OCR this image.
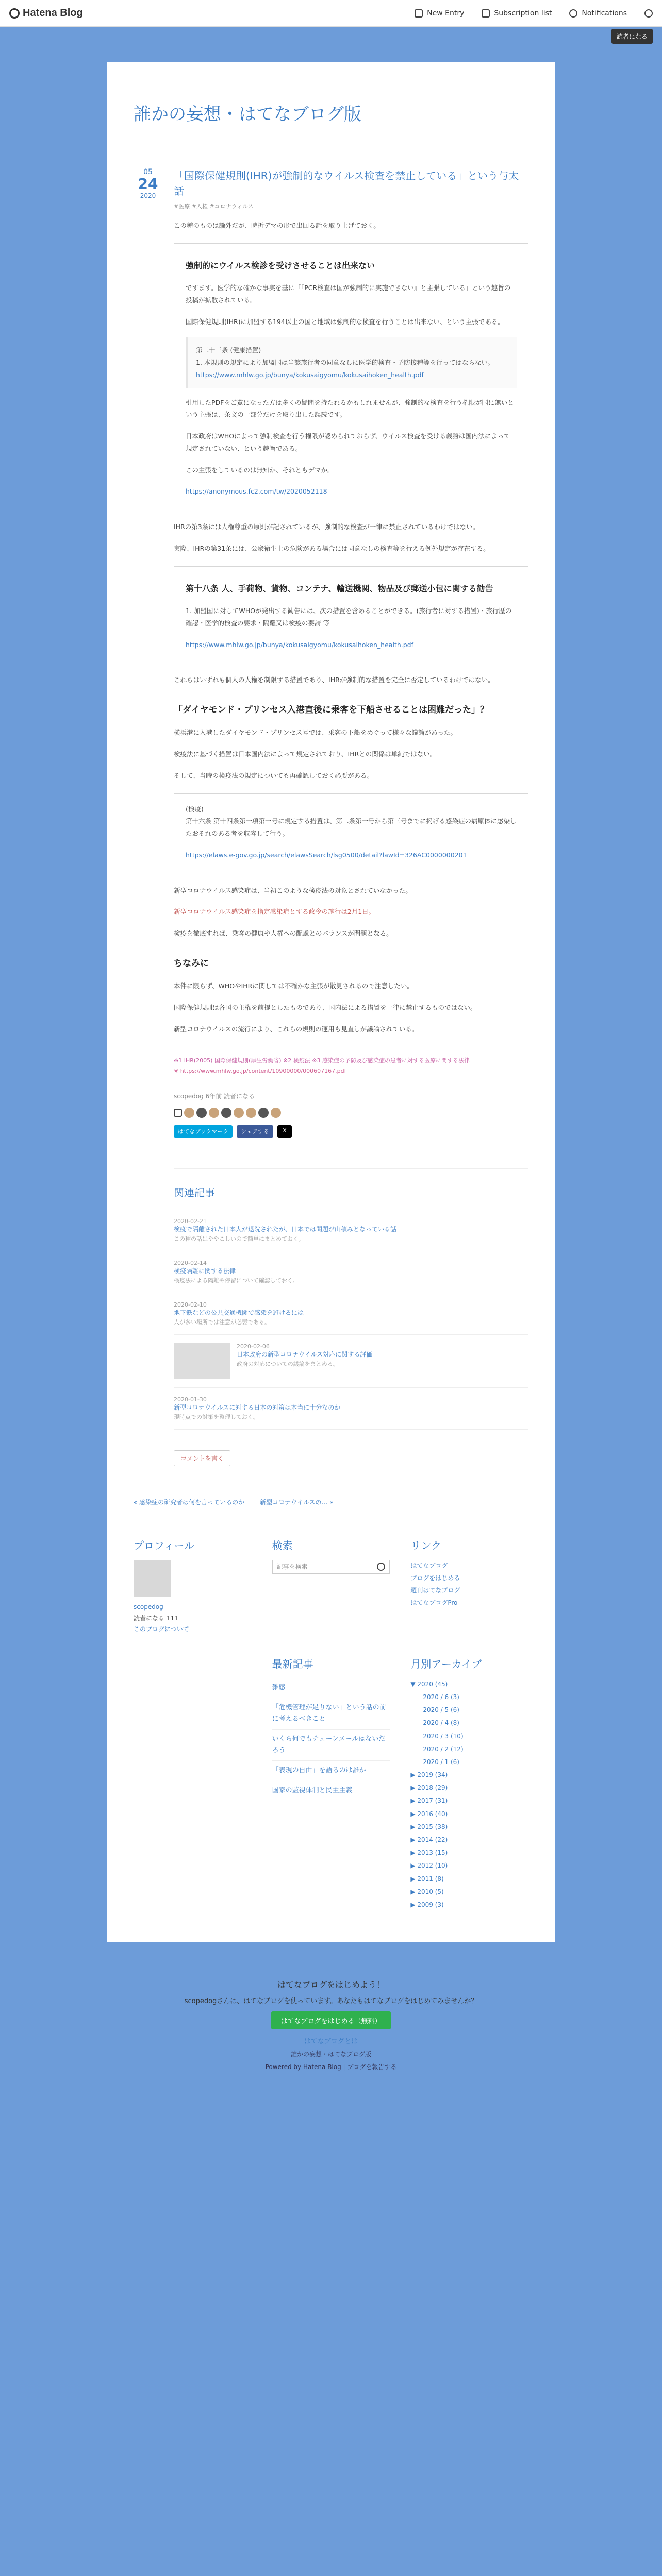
Hatena Blog	New Entry	Subscription list	Notifications
読者になる
誰かの妄想・はてなブログ版
05
24
2020
「国際保健規則(IHR)が強制的なウイルス検査を禁止している」という与太話
#医療 #人権 #コロナウィルス

この種のものは論外だが、時折デマの形で出回る話を取り上げておく。

強制的にウイルス検診を受けさせることは出来ない

ですます。医学的な確かな事実を基に「『PCR検査は国が強制的に実施できない』と主張している」という趣旨の投稿が拡散されている。

国際保健規則(IHR)に加盟する194以上の国と地域は強制的な検査を行うことは出来ない、という主張である。

第二十三条 (健康措置)
1. 本規則の規定により加盟国は当該旅行者の同意なしに医学的検査・予防接種等を行ってはならない。
https://www.mhlw.go.jp/bunya/kokusaigyomu/kokusaihoken_health.pdf

引用したPDFをご覧になった方は多くの疑問を持たれるかもしれませんが、強制的な検査を行う権限が国に無いという主張は、条文の一部分だけを取り出した誤読です。

日本政府はWHOによって強制検査を行う権限が認められておらず、ウイルス検査を受ける義務は国内法によって規定されていない、という趣旨である。

この主張をしているのは無知か、それともデマか。

https://anonymous.fc2.com/tw/2020052118

IHRの第3条には人権尊重の原則が記されているが、強制的な検査が一律に禁止されているわけではない。

実際、IHRの第31条には、公衆衛生上の危険がある場合には同意なしの検査等を行える例外規定が存在する。

第十八条 人、手荷物、貨物、コンテナ、輸送機関、物品及び郵送小包に関する勧告

1. 加盟国に対してWHOが発出する勧告には、次の措置を含めることができる。(旅行者に対する措置)・旅行歴の確認・医学的検査の要求・隔離又は検疫の要請 等

https://www.mhlw.go.jp/bunya/kokusaigyomu/kokusaihoken_health.pdf

これらはいずれも個人の人権を制限する措置であり、IHRが強制的な措置を完全に否定しているわけではない。

「ダイヤモンド・プリンセス入港直後に乗客を下船させることは困難だった」？

横浜港に入港したダイヤモンド・プリンセス号では、乗客の下船をめぐって様々な議論があった。

検疫法に基づく措置は日本国内法によって規定されており、IHRとの関係は単純ではない。

そして、当時の検疫法の規定についても再確認しておく必要がある。

(検疫)

第十六条 第十四条第一項第一号に規定する措置は、第二条第一号から第三号までに掲げる感染症の病原体に感染したおそれのある者を収容して行う。

https://elaws.e-gov.go.jp/search/elawsSearch/lsg0500/detail?lawId=326AC0000000201

新型コロナウイルス感染症は、当初このような検疫法の対象とされていなかった。

新型コロナウイルス感染症を指定感染症とする政令の施行は2月1日。

検疫を徹底すれば、乗客の健康や人権への配慮とのバランスが問題となる。

ちなみに

本件に限らず、WHOやIHRに関しては不確かな主張が散見されるので注意したい。

国際保健規則は各国の主権を前提としたものであり、国内法による措置を一律に禁止するものではない。

新型コロナウイルスの流行により、これらの規則の運用も見直しが議論されている。

※1 IHR(2005) 国際保健規則(厚生労働省) ※2 検疫法 ※3 感染症の予防及び感染症の患者に対する医療に関する法律
※ https://www.mhlw.go.jp/content/10900000/000607167.pdf
scopedog 6年前 読者になる
はてなブックマーク	シェアする	X
関連記事
2020-02-21
検疫で隔離された日本人が退院されたが、日本では問題が山積みとなっている話
この種の話はややこしいので簡単にまとめておく。
2020-02-14
検疫隔離に関する法律
検疫法による隔離や停留について確認しておく。
2020-02-10
地下鉄などの公共交通機関で感染を避けるには
人が多い場所では注意が必要である。
2020-02-06
日本政府の新型コロナウイルス対応に関する評価
政府の対応についての議論をまとめる。
2020-01-30
新型コロナウイルスに対する日本の対策は本当に十分なのか
現時点での対策を整理しておく。
コメントを書く
« 感染症の研究者は何を言っているのか	新型コロナウイルスの… »
プロフィール
scopedog
読者になる 111
このブログについて
検索
記事を検索
リンク
はてなブログ
ブログをはじめる
週刊はてなブログ
はてなブログPro
最新記事
雑感
「危機管理が足りない」という話の前に考えるべきこと
いくら何でもチェーンメールはないだろう
「表現の自由」を語るのは誰か
国家の監視体制と民主主義
月別アーカイブ
▼ 2020 (45)
2020 / 6 (3)
2020 / 5 (6)
2020 / 4 (8)
2020 / 3 (10)
2020 / 2 (12)
2020 / 1 (6)
▶ 2019 (34)
▶ 2018 (29)
▶ 2017 (31)
▶ 2016 (40)
▶ 2015 (38)
▶ 2014 (22)
▶ 2013 (15)
▶ 2012 (10)
▶ 2011 (8)
▶ 2010 (5)
▶ 2009 (3)
はてなブログをはじめよう！
scopedogさんは、はてなブログを使っています。あなたもはてなブログをはじめてみませんか？
はてなブログをはじめる（無料）
はてなブログとは
誰かの妄想・はてなブログ版
Powered by Hatena Blog | ブログを報告する
